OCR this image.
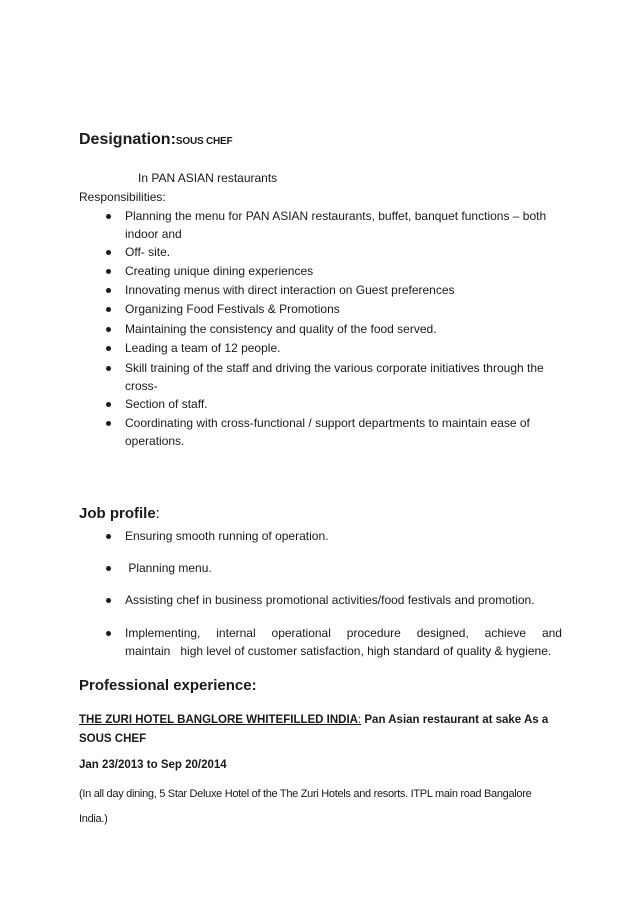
Designation:SOUS CHEF
In PAN ASIAN restaurants
Responsibilities:
Planning the menu for PAN ASIAN restaurants, buffet, banquet functions – both indoor and
Off- site.
Creating unique dining experiences
Innovating menus with direct interaction on Guest preferences
Organizing Food Festivals & Promotions
Maintaining the consistency and quality of the food served.
Leading a team of 12 people.
Skill training of the staff and driving the various corporate initiatives through the cross-
Section of staff.
Coordinating with cross-functional / support departments to maintain ease of operations.
Job profile:
Ensuring smooth running of operation.
Planning menu.
Assisting chef in business promotional activities/food festivals and promotion.
Implementing, internal operational procedure designed, achieve and
maintain   high level of customer satisfaction, high standard of quality & hygiene.
Professional experience:
THE ZURI HOTEL BANGLORE WHITEFILLED INDIA: Pan Asian restaurant at sake As a SOUS CHEF
Jan 23/2013 to Sep 20/2014
(In all day dining, 5 Star Deluxe Hotel of the The Zuri Hotels and resorts. ITPL main road Bangalore India.)
